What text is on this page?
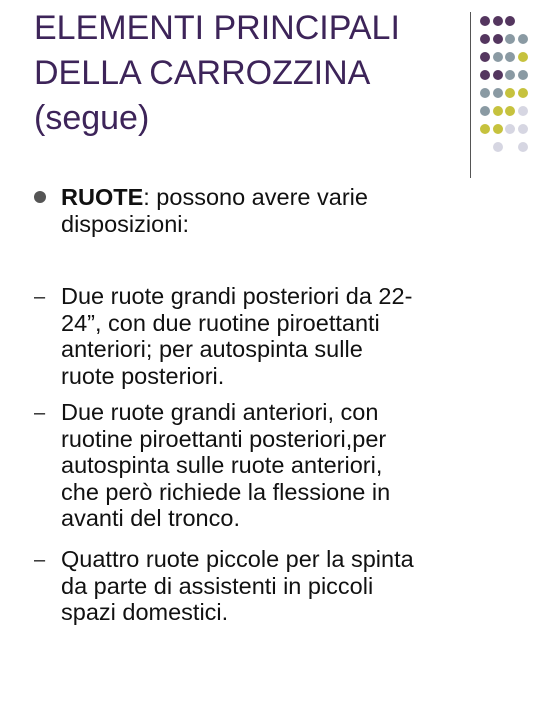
ELEMENTI PRINCIPALI
DELLA CARROZZINA
(segue)

RUOTE: possono avere varie
disposizioni:

– Due ruote grandi posteriori da 22-
24”, con due ruotine piroettanti
anteriori; per autospinta sulle
ruote posteriori.

– Due ruote grandi anteriori, con
ruotine piroettanti posteriori,per
autospinta sulle ruote anteriori,
che però richiede la flessione in
avanti del tronco.

– Quattro ruote piccole per la spinta
da parte di assistenti in piccoli
spazi domestici.
